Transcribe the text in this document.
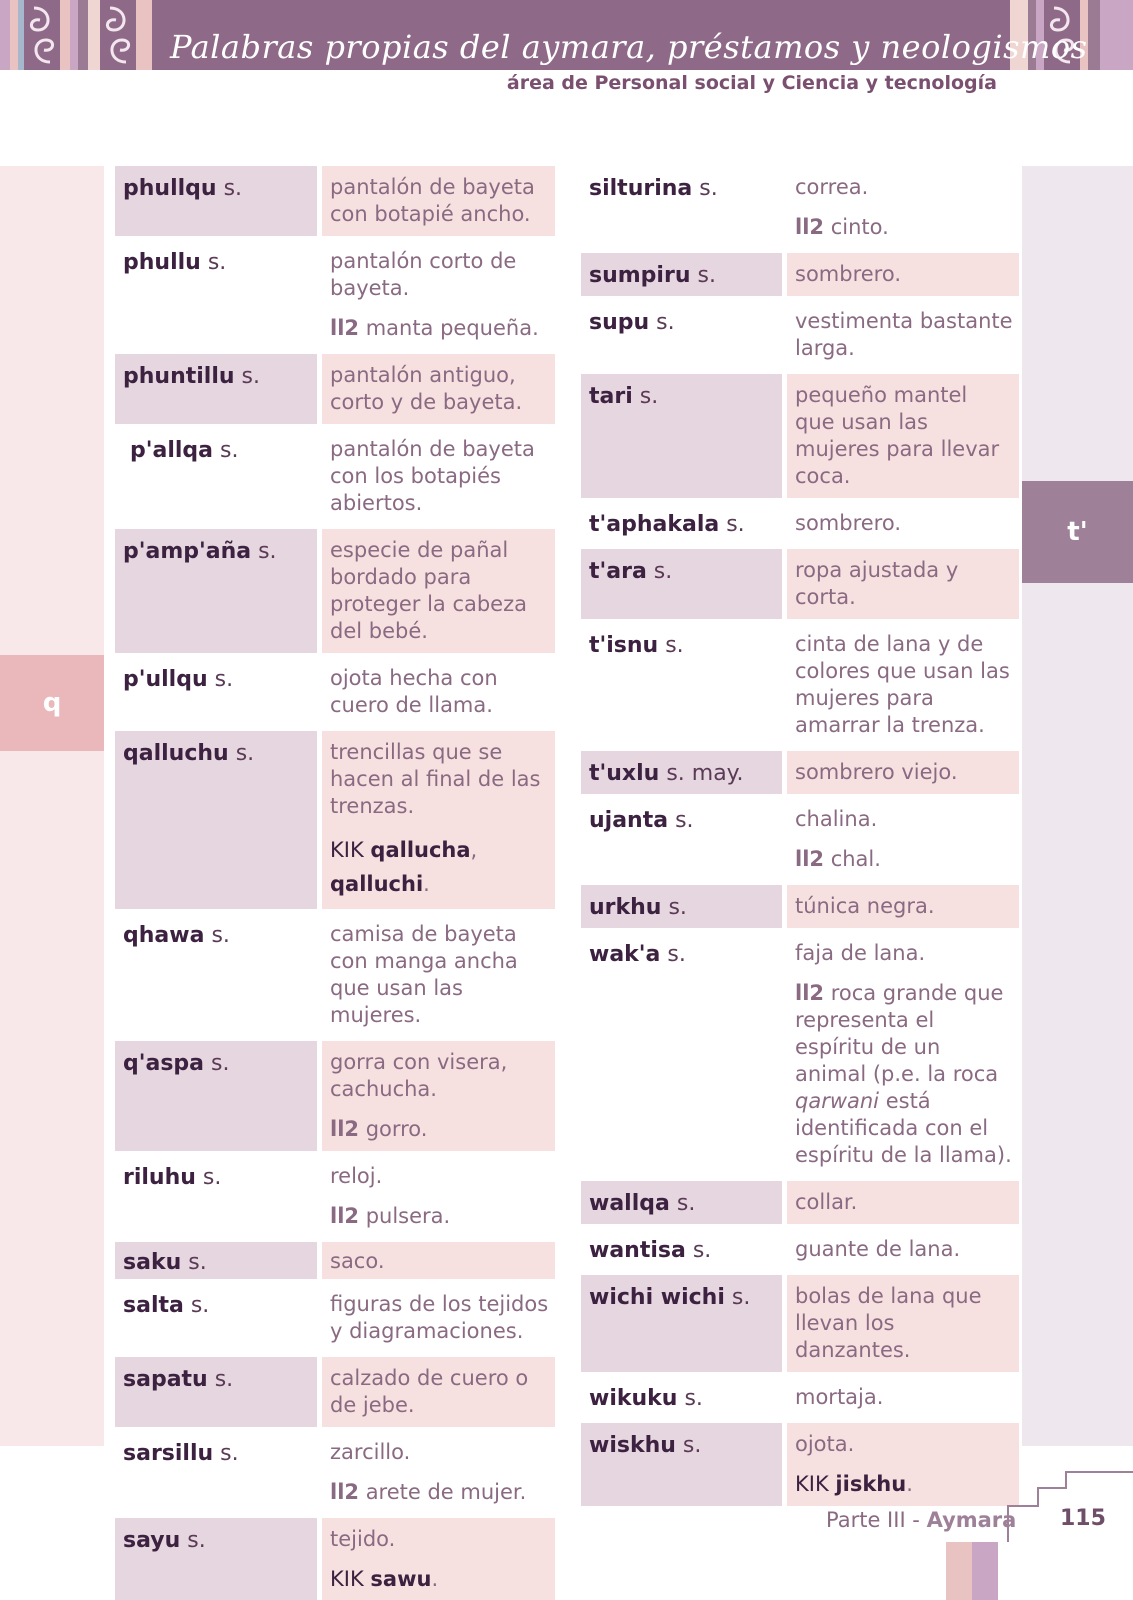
Palabras propias del aymara, préstamos y neologismos
área de Personal social y Ciencia y tecnología
q
t'
phullqu s.	pantalón de bayeta con botapié ancho.
phullu s.	pantalón corto de bayeta.
ll2 manta pequeña.
phuntillu s.	pantalón antiguo, corto y de bayeta.
p'allqa s.	pantalón de bayeta con los botapiés abiertos.
p'amp'aña s.	especie de pañal bordado para proteger la cabeza del bebé.
p'ullqu s.	ojota hecha con cuero de llama.
qalluchu s.	trencillas que se hacen al final de las trenzas.
KIK qallucha, qalluchi.
qhawa s.	camisa de bayeta con manga ancha que usan las mujeres.
q'aspa s.	gorra con visera, cachucha.
ll2 gorro.
riluhu s.	reloj.
ll2 pulsera.
saku s.	saco.
salta s.	figuras de los tejidos y diagramaciones.
sapatu s.	calzado de cuero o de jebe.
sarsillu s.	zarcillo.
ll2 arete de mujer.
sayu s.	tejido.
KIK sawu.
silturina s.	correa.
ll2 cinto.
sumpiru s.	sombrero.
supu s.	vestimenta bastante larga.
tari s.	pequeño mantel que usan las mujeres para llevar coca.
t'aphakala s.	sombrero.
t'ara s.	ropa ajustada y corta.
t'isnu s.	cinta de lana y de colores que usan las mujeres para amarrar la trenza.
t'uxlu s. may.	sombrero viejo.
ujanta s.	chalina.
ll2 chal.
urkhu s.	túnica negra.
wak'a s.	faja de lana.
ll2 roca grande que representa el espíritu de un animal (p.e. la roca qarwani está identificada con el espíritu de la llama).
wallqa s.	collar.
wantisa s.	guante de lana.
wichi wichi s.	bolas de lana que llevan los danzantes.
wikuku s.	mortaja.
wiskhu s.	ojota.
KIK jiskhu.
Parte III - Aymara 115
